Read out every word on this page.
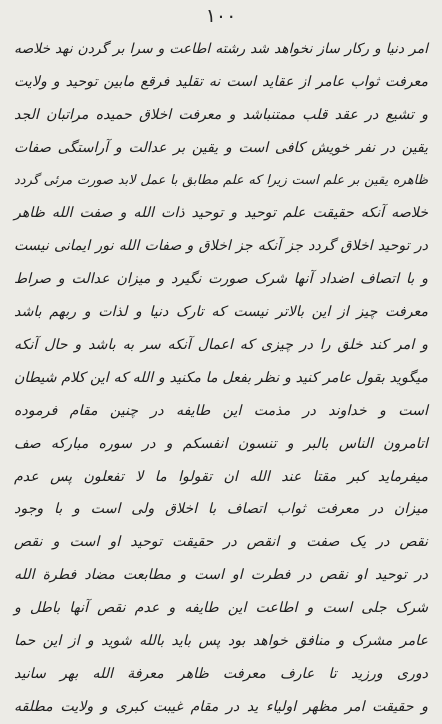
۱۰۰
امر دنیا و رکار ساز نخواهد شد رشته اطاعت و سرا بر گردن نهد خلاصه
معرفت ثواب عامر از عقاید است نه تقلید فرقع مابین توحید و ولایت
و تشیع در عقد قلب ممتنباشد و معرفت اخلاق حمیده مراتبان الجد
یقین در نفر خویش کافی است و یقین بر عدالت و آراستگی صفات
ظاهره یقین بر علم است زیرا که علم مطابق با عمل لابد صورت مرئی گردد
خلاصه آنکه حقیقت علم توحید و توحید ذات الله و صفت الله ظاهر
در توحید اخلاق گردد جز آنکه جز اخلاق و صفات الله نور ایمانی نیست
و با اتصاف اضداد آنها شرک صورت نگیرد و میزان عدالت و صراط
معرفت چیز از این بالاتر نیست که تارک دنیا و لذات و ربهم باشد
و امر کند خلق را در چیزی که اعمال آنکه سر به باشد و حال آنکه
میگوید بقول عامر کنید و نظر بفعل ما مکنید و الله که این کلام شیطان
است و خداوند در مذمت این طایفه در چنین مقام فرموده
اتامرون الناس بالبر و تنسون انفسکم و در سوره مبارکه صف
میفرماید کبر مقتا عند الله ان تقولوا ما لا تفعلون پس عدم
میزان در معرفت ثواب اتصاف با اخلاق ولی است و با وجود
نقص در یک صفت و انقص در حقیقت توحید او است و نقص
در توحید او نقص در فطرت او است و مطابعت مضاد فطرة الله
شرک جلی است و اطاعت این طایفه و عدم نقص آنها باطل و
عامر مشرک و منافق خواهد بود پس باید بالله شوید و از این حما
دوری ورزید تا عارف معرفت ظاهر معرفة الله بهر سانید
و حقیقت امر مظهر اولیاء ید در مقام غیبت کبری و ولایت مطلقه
